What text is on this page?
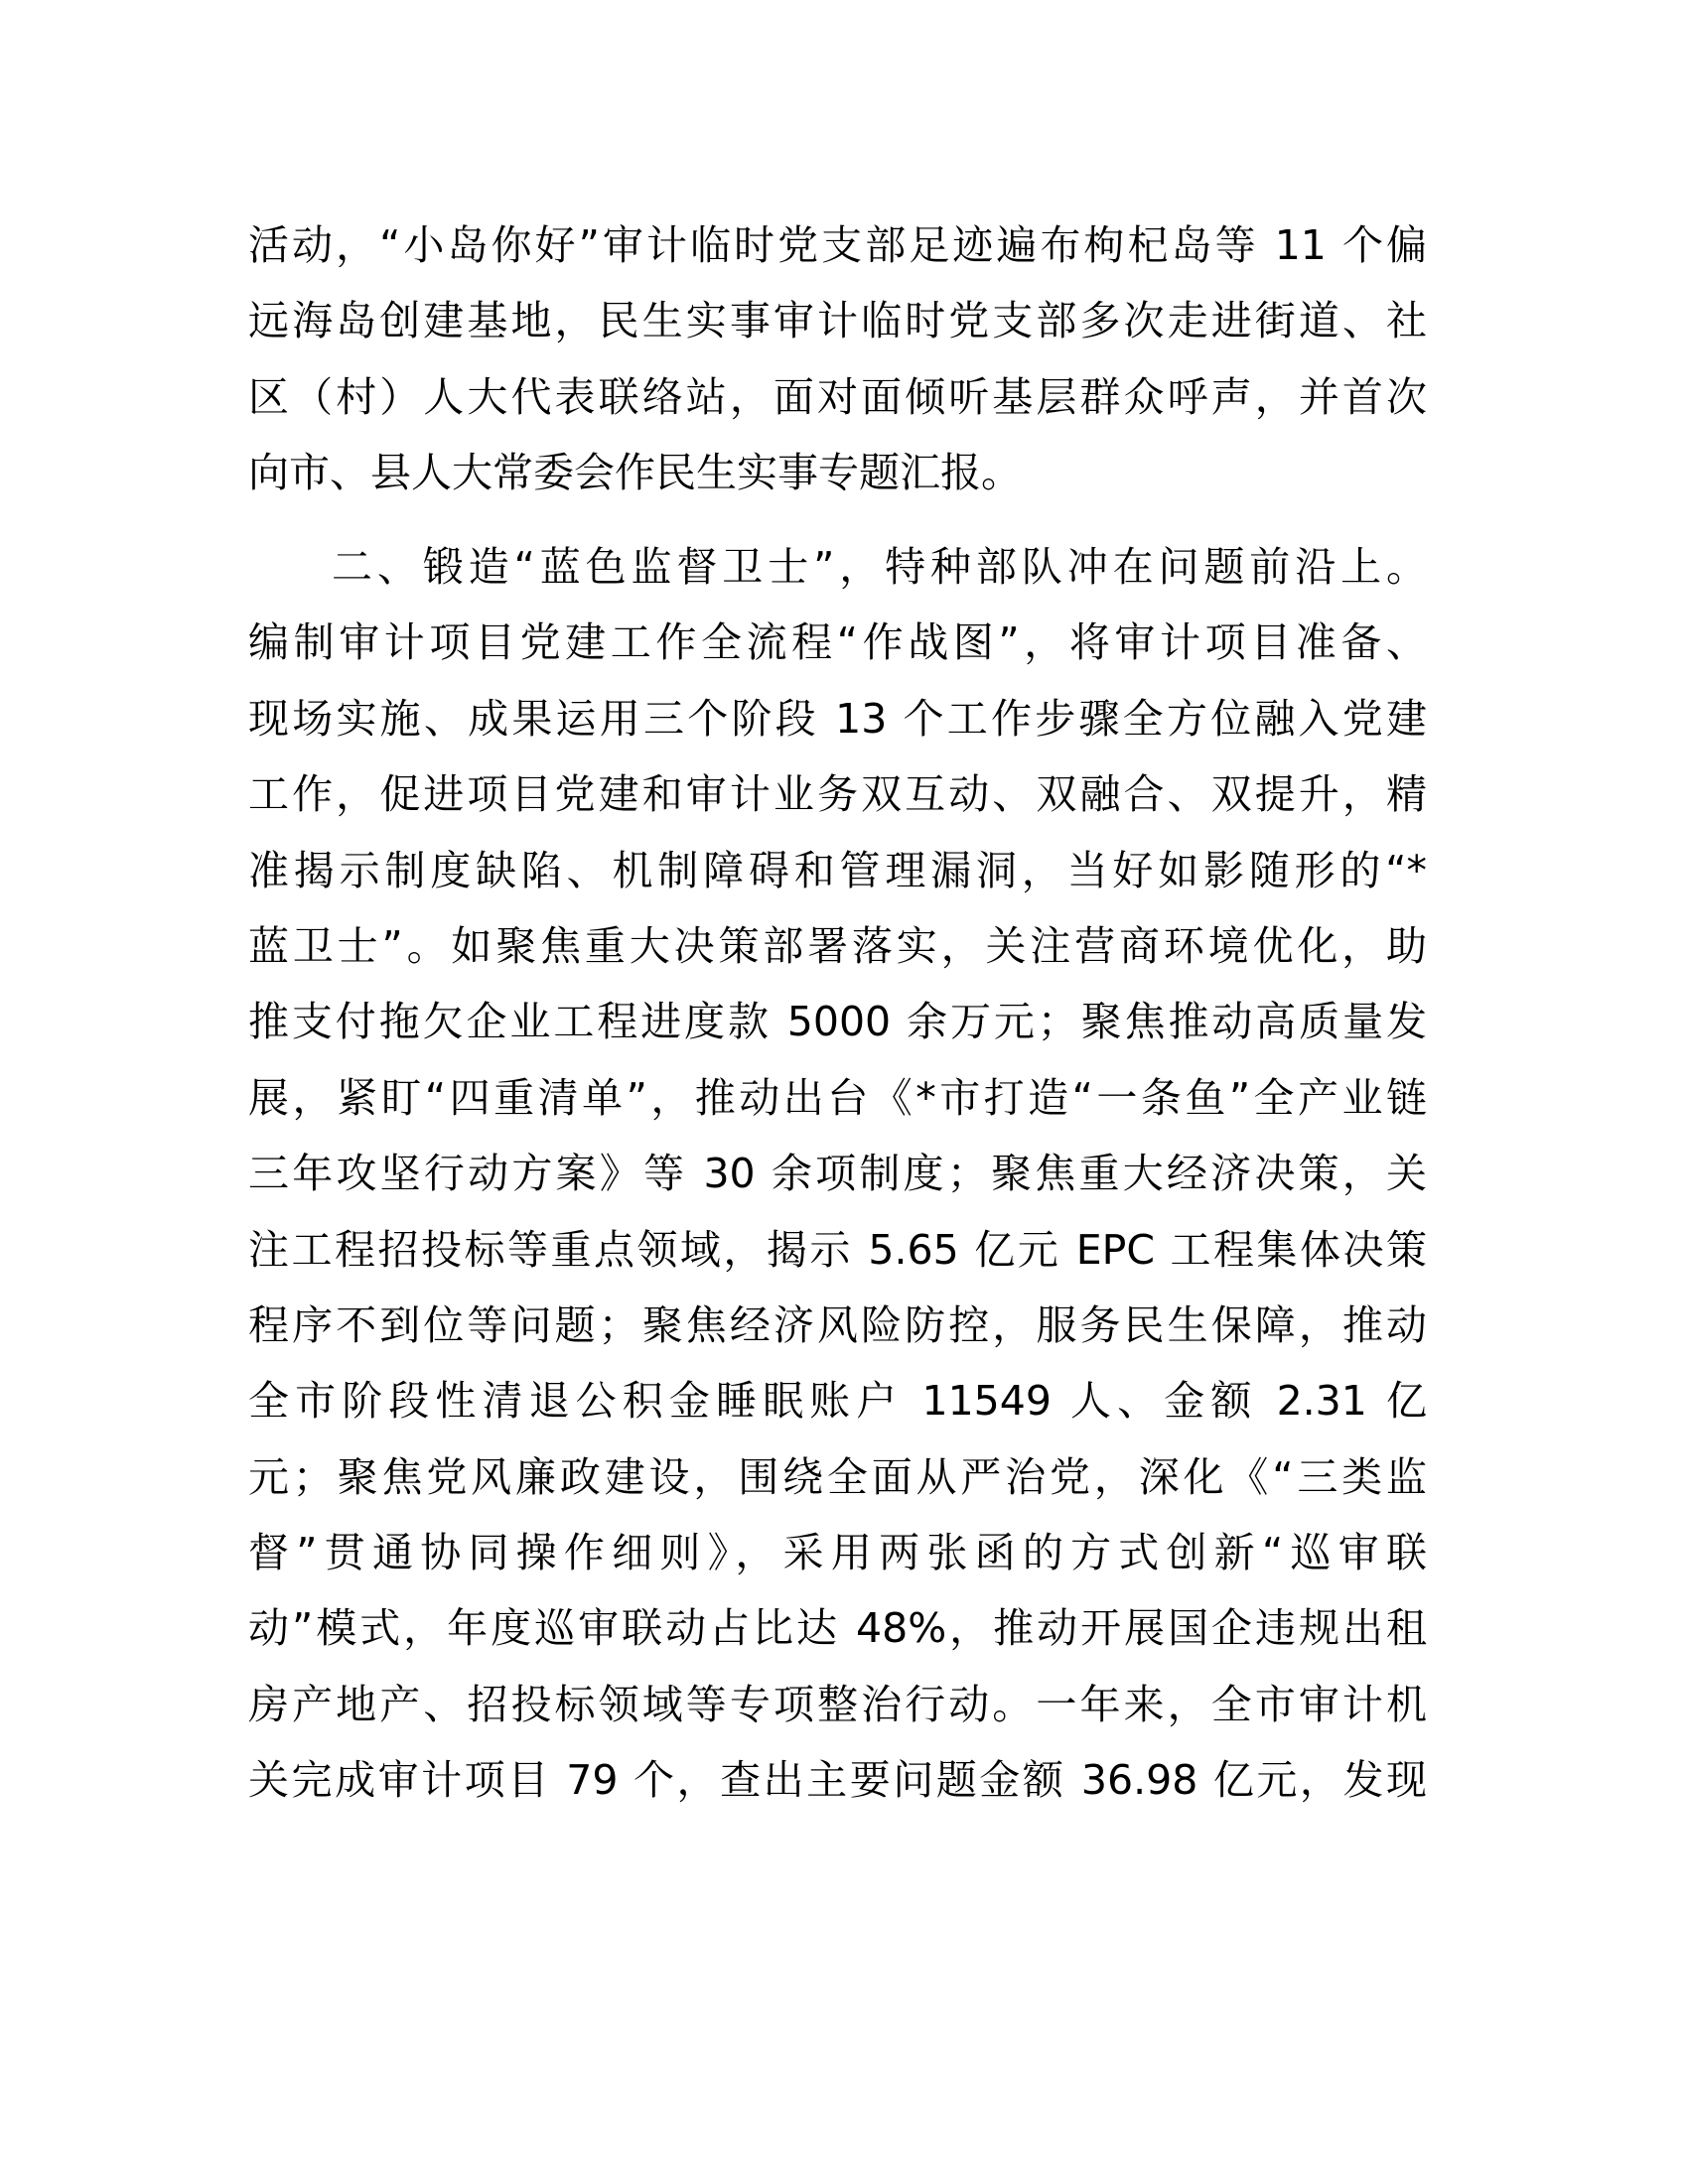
活动，“小岛你好”审计临时党支部足迹遍布枸杞岛等 11 个偏
远海岛创建基地，民生实事审计临时党支部多次走进街道、社
区（村）人大代表联络站，面对面倾听基层群众呼声，并首次
向市、县人大常委会作民生实事专题汇报。
二、锻造“蓝色监督卫士”，特种部队冲在问题前沿上。
编制审计项目党建工作全流程“作战图”，将审计项目准备、
现场实施、成果运用三个阶段 13 个工作步骤全方位融入党建
工作，促进项目党建和审计业务双互动、双融合、双提升，精
准揭示制度缺陷、机制障碍和管理漏洞，当好如影随形的“*
蓝卫士”。如聚焦重大决策部署落实，关注营商环境优化，助
推支付拖欠企业工程进度款 5000 余万元；聚焦推动高质量发
展，紧盯“四重清单”，推动出台《*市打造“一条鱼”全产业链
三年攻坚行动方案》等 30 余项制度；聚焦重大经济决策，关
注工程招投标等重点领域，揭示 5.65 亿元 EPC 工程集体决策
程序不到位等问题；聚焦经济风险防控，服务民生保障，推动
全市阶段性清退公积金睡眠账户 11549 人、金额 2.31 亿
元；聚焦党风廉政建设，围绕全面从严治党，深化《“三类监
督”贯通协同操作细则》，采用两张函的方式创新“巡审联
动”模式，年度巡审联动占比达 48%，推动开展国企违规出租
房产地产、招投标领域等专项整治行动。一年来，全市审计机
关完成审计项目 79 个，查出主要问题金额 36.98 亿元，发现
